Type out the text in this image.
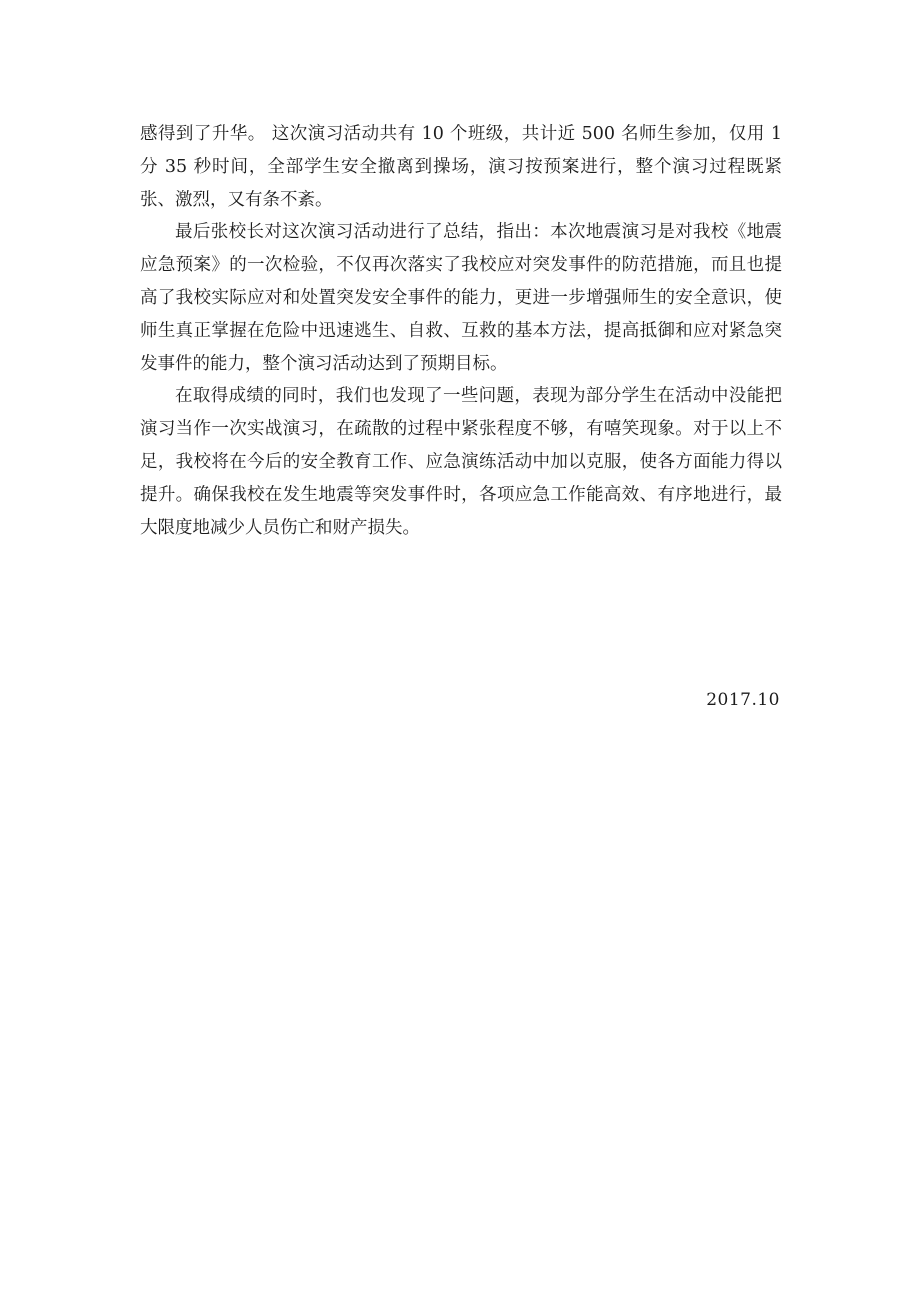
感得到了升华。 这次演习活动共有 10 个班级，共计近 500 名师生参加，仅用 1 分 35 秒时间，全部学生安全撤离到操场，演习按预案进行，整个演习过程既紧张、激烈，又有条不紊。

最后张校长对这次演习活动进行了总结，指出：本次地震演习是对我校《地震应急预案》的一次检验，不仅再次落实了我校应对突发事件的防范措施，而且也提高了我校实际应对和处置突发安全事件的能力，更进一步增强师生的安全意识，使师生真正掌握在危险中迅速逃生、自救、互救的基本方法，提高抵御和应对紧急突发事件的能力，整个演习活动达到了预期目标。

在取得成绩的同时，我们也发现了一些问题，表现为部分学生在活动中没能把演习当作一次实战演习，在疏散的过程中紧张程度不够，有嘻笑现象。对于以上不足，我校将在今后的安全教育工作、应急演练活动中加以克服，使各方面能力得以提升。确保我校在发生地震等突发事件时，各项应急工作能高效、有序地进行，最大限度地减少人员伤亡和财产损失。

2017.10
